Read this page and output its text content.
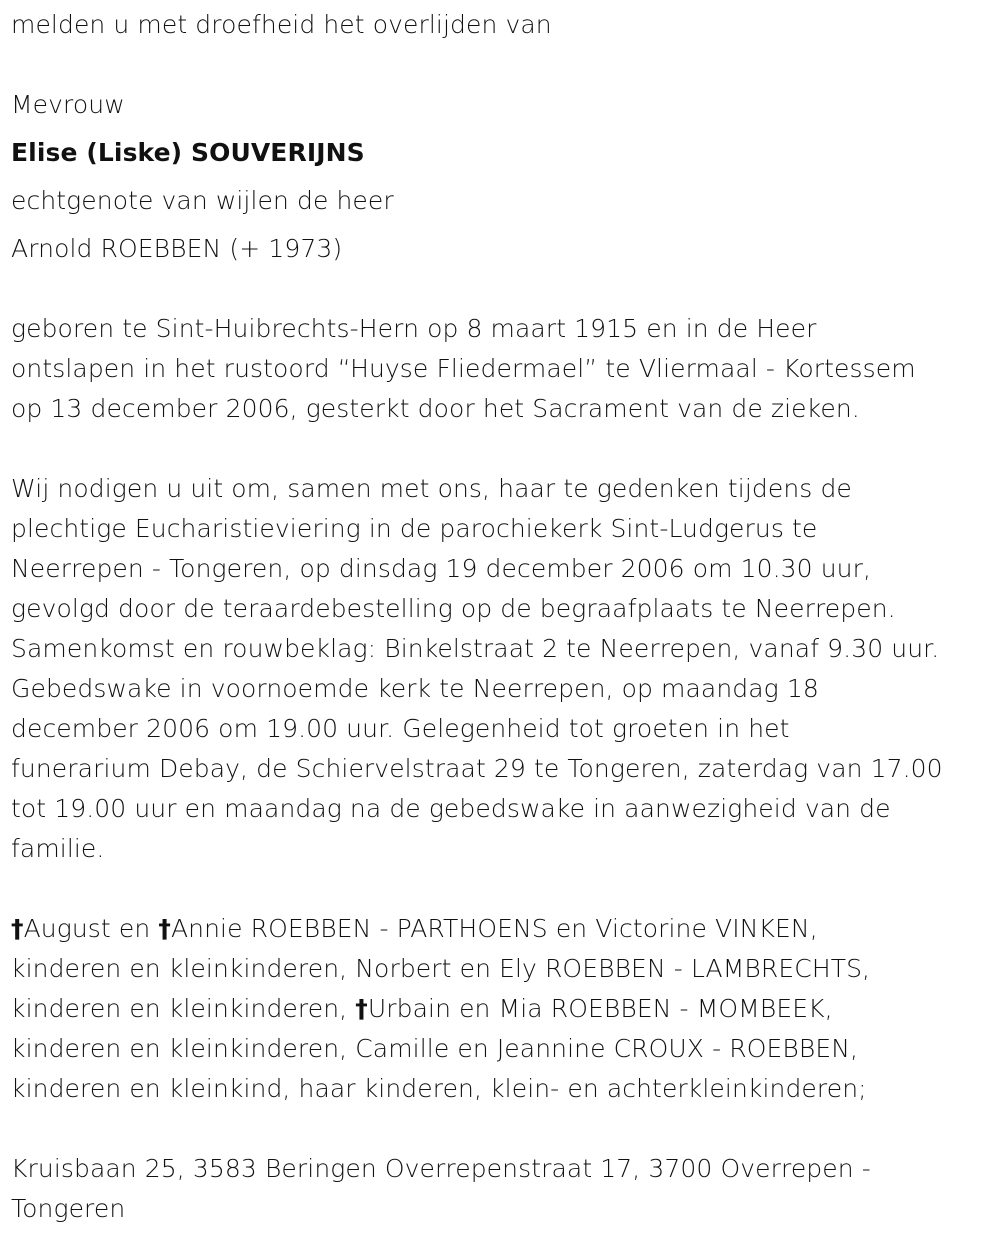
melden u met droefheid het overlijden van
Mevrouw
Elise (Liske) SOUVERIJNS
echtgenote van wijlen de heer
Arnold ROEBBEN (+ 1973)
geboren te Sint-Huibrechts-Hern op 8 maart 1915 en in de Heer
ontslapen in het rustoord “Huyse Fliedermael” te Vliermaal - Kortessem
op 13 december 2006, gesterkt door het Sacrament van de zieken.
Wij nodigen u uit om, samen met ons, haar te gedenken tijdens de
plechtige Eucharistieviering in de parochiekerk Sint-Ludgerus te
Neerrepen - Tongeren, op dinsdag 19 december 2006 om 10.30 uur,
gevolgd door de teraardebestelling op de begraafplaats te Neerrepen.
Samenkomst en rouwbeklag: Binkelstraat 2 te Neerrepen, vanaf 9.30 uur.
Gebedswake in voornoemde kerk te Neerrepen, op maandag 18
december 2006 om 19.00 uur. Gelegenheid tot groeten in het
funerarium Debay, de Schiervelstraat 29 te Tongeren, zaterdag van 17.00
tot 19.00 uur en maandag na de gebedswake in aanwezigheid van de
familie.
†August en †Annie ROEBBEN - PARTHOENS en Victorine VINKEN,
kinderen en kleinkinderen, Norbert en Ely ROEBBEN - LAMBRECHTS,
kinderen en kleinkinderen, †Urbain en Mia ROEBBEN - MOMBEEK,
kinderen en kleinkinderen, Camille en Jeannine CROUX - ROEBBEN,
kinderen en kleinkind, haar kinderen, klein- en achterkleinkinderen;
Kruisbaan 25, 3583 Beringen Overrepenstraat 17, 3700 Overrepen -
Tongeren
